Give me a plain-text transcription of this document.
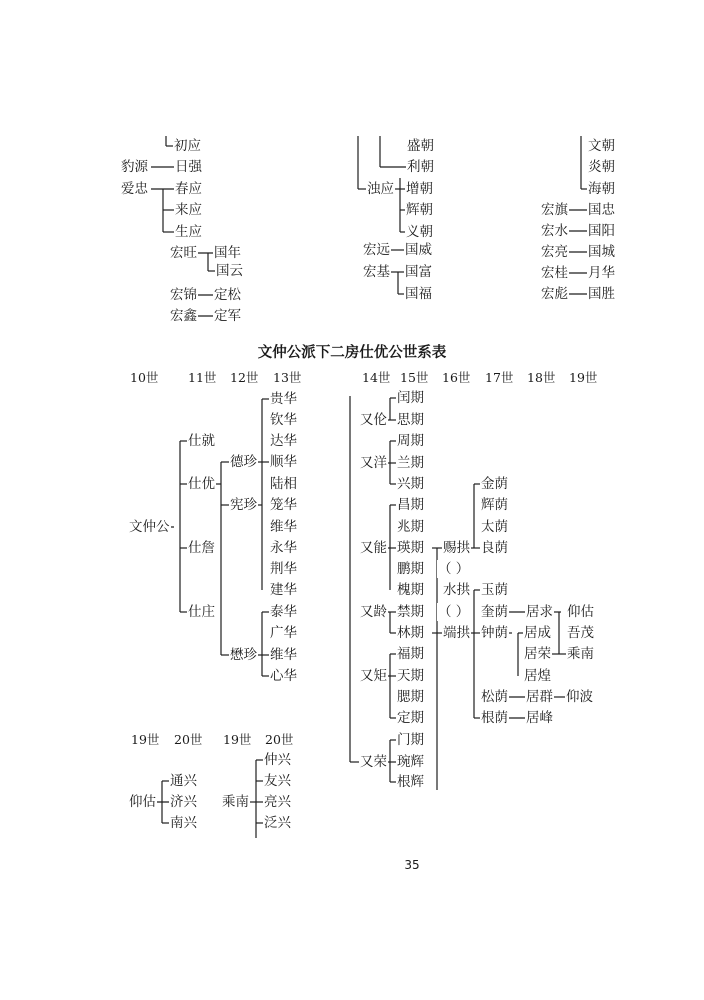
初应
豹源 日强
爱忠 春应
来应
生应
宏旺 国年
国云
宏锦 定松
宏鑫 定军
盛朝
利朝
浊应 增朝
辉朝
义朝
宏远 国威
宏基 国富
国福
文朝
炎朝
海朝
宏旗 国忠
宏水 国阳
宏亮 国城
宏桂 月华
宏彪 国胜
文仲公派下二房仕优公世系表
10世 11世 12世 13世	14世 15世 16世 17世 18世 19世
文仲公
仕就
仕优
仕詹
仕庄
德珍
宪珍
懋珍
贵华
钦华
达华
顺华
陆相
笼华
维华
永华
荆华
建华
泰华
广华
维华
心华
又伦
闰期
思期
又洋
周期
兰期
兴期
又能
昌期
兆期
瑛期
鹏期
槐期
赐拱
（ ）
水拱
（ ）
又龄 禁期
林期 端拱
金荫
辉荫
太荫
良荫
玉荫
奎荫
钟荫
居求
居成
居荣
居煌
仰估
吾茂
乘南
又矩
福期
天期
腮期
定期
松荫 居群 仰波
根荫 居峰
又荣
门期
琬辉
根辉
19世 20世 19世 20世
仰估
通兴
济兴
南兴
乘南
仲兴
友兴
亮兴
泛兴
35
